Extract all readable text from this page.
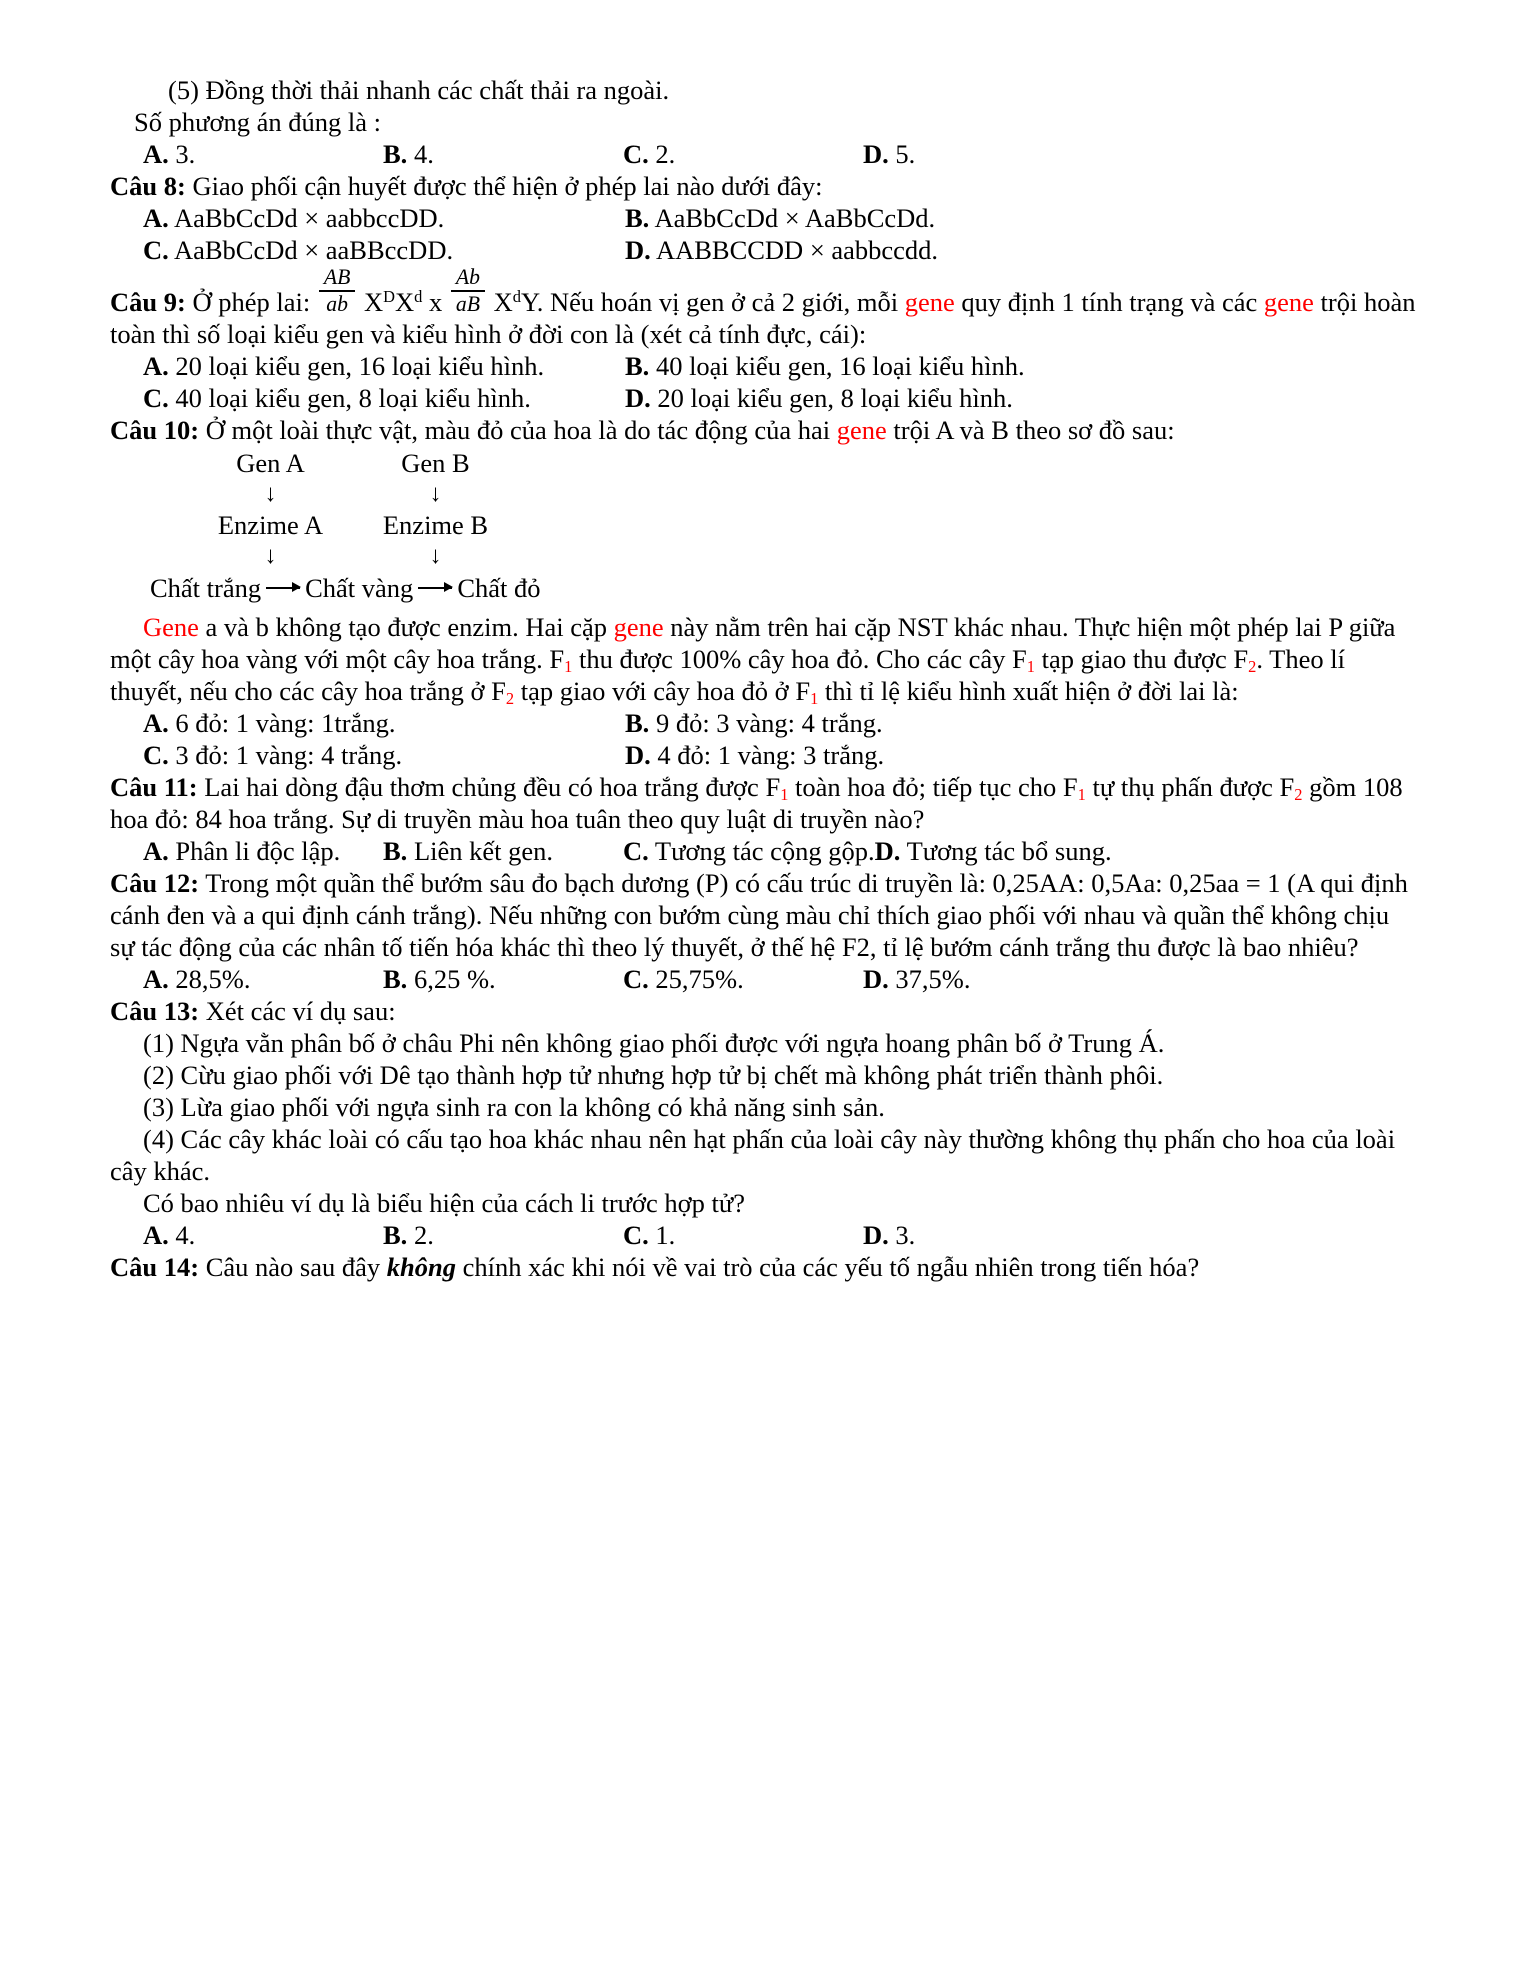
(5) Đồng thời thải nhanh các chất thải ra ngoài.

Số phương án đúng là :

A. 3.	B. 4.	C. 2.	D. 5.

Câu 8: Giao phối cận huyết được thể hiện ở phép lai nào dưới đây:

A. AaBbCcDd × aabbccDD.	B. AaBbCcDd × AaBbCcDd.
C. AaBbCcDd × aaBBccDD.	D. AABBCCDD × aabbccdd.

Câu 9: Ở phép lai: $\frac{AB}{ab} X^DX^d$ x $\frac{Ab}{aB} X^dY$. Nếu hoán vị gen ở cả 2 giới, mỗi gene quy định 1 tính trạng và các gene trội hoàn toàn thì số loại kiểu gen và kiểu hình ở đời con là (xét cả tính đực, cái):

A. 20 loại kiểu gen, 16 loại kiểu hình.	B. 40 loại kiểu gen, 16 loại kiểu hình.
C. 40 loại kiểu gen, 8 loại kiểu hình.	D. 20 loại kiểu gen, 8 loại kiểu hình.

Câu 10: Ở một loài thực vật, màu đỏ của hoa là do tác động của hai gene trội A và B theo sơ đồ sau:

Gen A	Gen B
↓	↓
Enzime A	Enzime B
↓	↓
Chất trắng Chất vàng Chất đỏ

Gene a và b không tạo được enzim. Hai cặp gene này nằm trên hai cặp NST khác nhau. Thực hiện một phép lai P giữa một cây hoa vàng với một cây hoa trắng. $F_1$ thu được 100% cây hoa đỏ. Cho các cây $F_1$ tạp giao thu được $F_2$. Theo lí thuyết, nếu cho các cây hoa trắng ở $F_2$ tạp giao với cây hoa đỏ ở $F_1$ thì tỉ lệ kiểu hình xuất hiện ở đời lai là:

A. 6 đỏ: 1 vàng: 1trắng.	B. 9 đỏ: 3 vàng: 4 trắng.
C. 3 đỏ: 1 vàng: 4 trắng.	D. 4 đỏ: 1 vàng: 3 trắng.

Câu 11: Lai hai dòng đậu thơm chủng đều có hoa trắng được $F_1$ toàn hoa đỏ; tiếp tục cho $F_1$ tự thụ phấn được $F_2$ gồm 108 hoa đỏ: 84 hoa trắng. Sự di truyền màu hoa tuân theo quy luật di truyền nào?

A. Phân li độc lập.	B. Liên kết gen.	C. Tương tác cộng gộp. D. Tương tác bổ sung.

Câu 12: Trong một quần thể bướm sâu đo bạch dương (P) có cấu trúc di truyền là: 0,25AA: 0,5Aa: 0,25aa = 1 (A qui định cánh đen và a qui định cánh trắng). Nếu những con bướm cùng màu chỉ thích giao phối với nhau và quần thể không chịu sự tác động của các nhân tố tiến hóa khác thì theo lý thuyết, ở thế hệ F2, tỉ lệ bướm cánh trắng thu được là bao nhiêu?

A. 28,5%.	B. 6,25 %.	C. 25,75%.	D. 37,5%.

Câu 13: Xét các ví dụ sau:

(1) Ngựa vằn phân bố ở châu Phi nên không giao phối được với ngựa hoang phân bố ở Trung Á.

(2) Cừu giao phối với Dê tạo thành hợp tử nhưng hợp tử bị chết mà không phát triển thành phôi.

(3) Lừa giao phối với ngựa sinh ra con la không có khả năng sinh sản.

(4) Các cây khác loài có cấu tạo hoa khác nhau nên hạt phấn của loài cây này thường không thụ phấn cho hoa của loài cây khác.

Có bao nhiêu ví dụ là biểu hiện của cách li trước hợp tử?

A. 4.	B. 2.	C. 1.	D. 3.

Câu 14: Câu nào sau đây không chính xác khi nói về vai trò của các yếu tố ngẫu nhiên trong tiến hóa?
